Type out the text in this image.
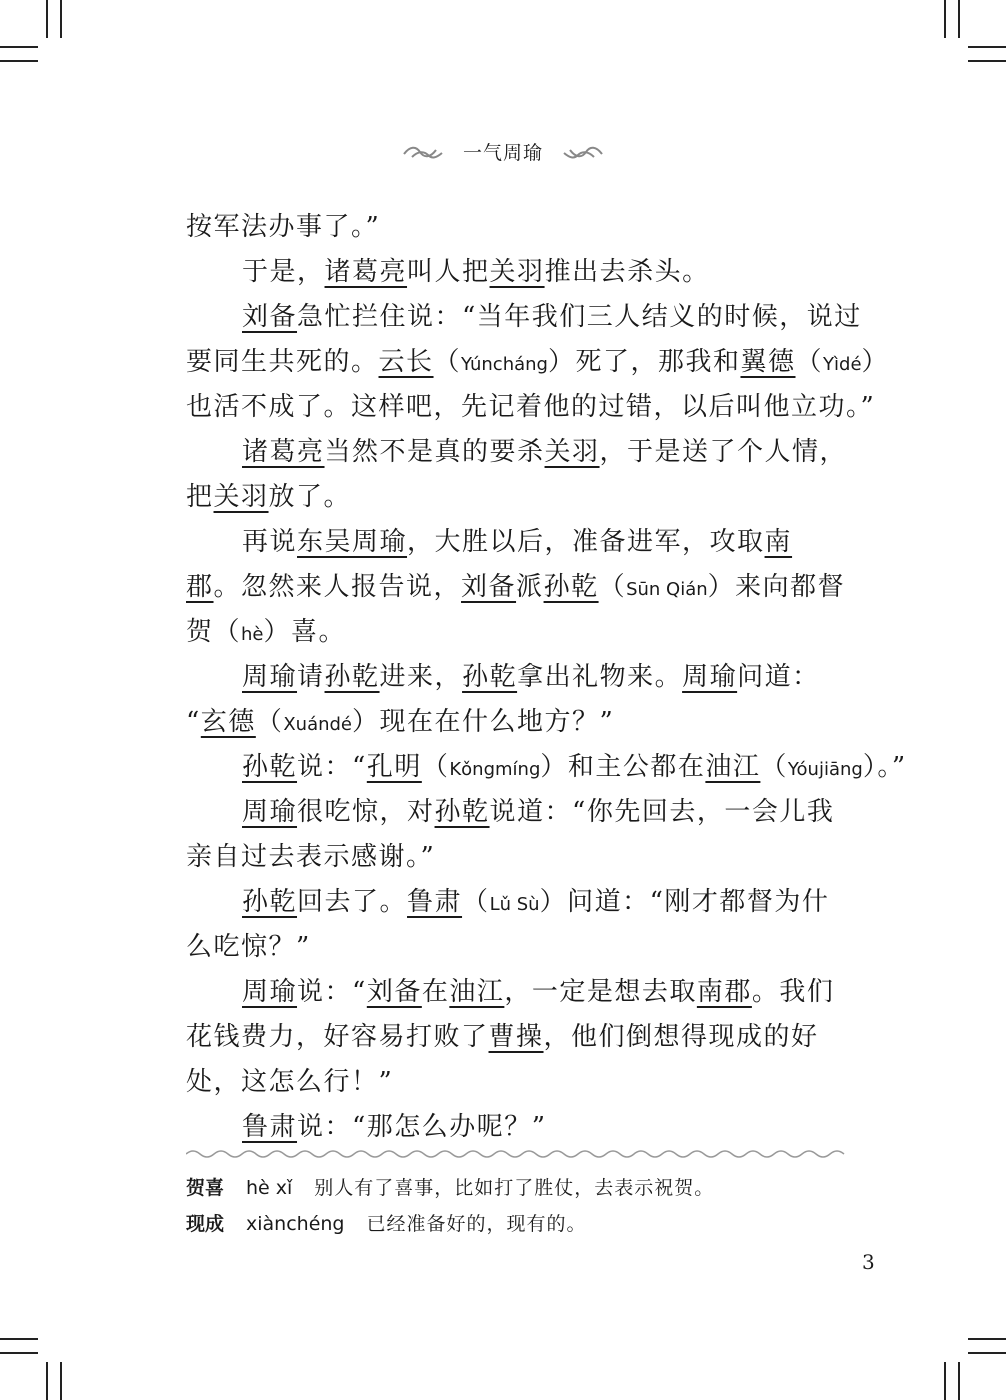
一气周瑜
按军法办事了。”
于是，诸葛亮叫人把关羽推出去杀头。
刘备急忙拦住说：“当年我们三人结义的时候，说过
要同生共死的。云长（Yúncháng）死了，那我和翼德（Yìdé）
也活不成了。这样吧，先记着他的过错，以后叫他立功。”
诸葛亮当然不是真的要杀关羽，于是送了个人情，
把关羽放了。
再说东吴周瑜，大胜以后，准备进军，攻取南
郡。忽然来人报告说，刘备派孙乾（Sūn Qián）来向都督
贺（hè）喜。
周瑜请孙乾进来，孙乾拿出礼物来。周瑜问道：
“玄德（Xuándé）现在在什么地方？”
孙乾说：“孔明（Kǒngmíng）和主公都在油江（Yóujiāng）。”
周瑜很吃惊，对孙乾说道：“你先回去，一会儿我
亲自过去表示感谢。”
孙乾回去了。鲁肃（Lǔ Sù）问道：“刚才都督为什
么吃惊？”
周瑜说：“刘备在油江，一定是想去取南郡。我们
花钱费力，好容易打败了曹操，他们倒想得现成的好
处，这怎么行！”
鲁肃说：“那怎么办呢？”
贺喜 hè xǐ 别人有了喜事，比如打了胜仗，去表示祝贺。
现成 xiànchéng 已经准备好的，现有的。
3
